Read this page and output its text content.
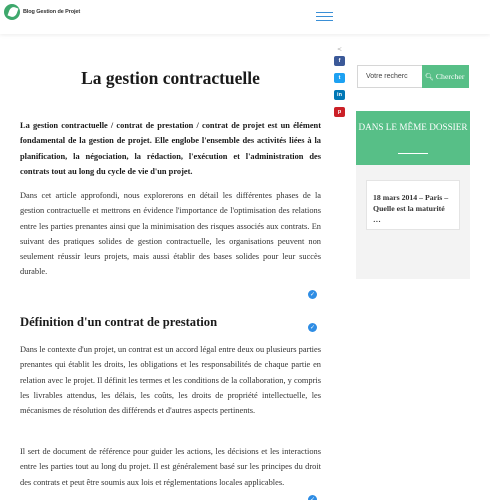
Blog Gestion de Projet
La gestion contractuelle

La gestion contractuelle / contrat de prestation / contrat de projet est un élément fondamental de la gestion de projet. Elle englobe l'ensemble des activités liées à la planification, la négociation, la rédaction, l'exécution et l'administration des contrats tout au long du cycle de vie d'un projet.

Dans cet article approfondi, nous explorerons en détail les différentes phases de la gestion contractuelle et mettrons en évidence l'importance de l'optimisation des relations entre les parties prenantes ainsi que la minimisation des risques associés aux contrats. En suivant des pratiques solides de gestion contractuelle, les organisations peuvent non seulement réussir leurs projets, mais aussi établir des bases solides pour leur succès durable.

Définition d'un contrat de prestation

Dans le contexte d'un projet, un contrat est un accord légal entre deux ou plusieurs parties prenantes qui établit les droits, les obligations et les responsabilités de chaque partie en relation avec le projet. Il définit les termes et les conditions de la collaboration, y compris les livrables attendus, les délais, les coûts, les droits de propriété intellectuelle, les mécanismes de résolution des différends et d'autres aspects pertinents.

Il sert de document de référence pour guider les actions, les décisions et les interactions entre les parties tout au long du projet. Il est généralement basé sur les principes du droit des contrats et peut être soumis aux lois et réglementations locales applicables.

✓
✓
✓
<
f
t
in
p
Votre recherc	🔍︎ Chercher
DANS LE MÊME DOSSIER
18 mars 2014 – Paris – Quelle est la maturité …
